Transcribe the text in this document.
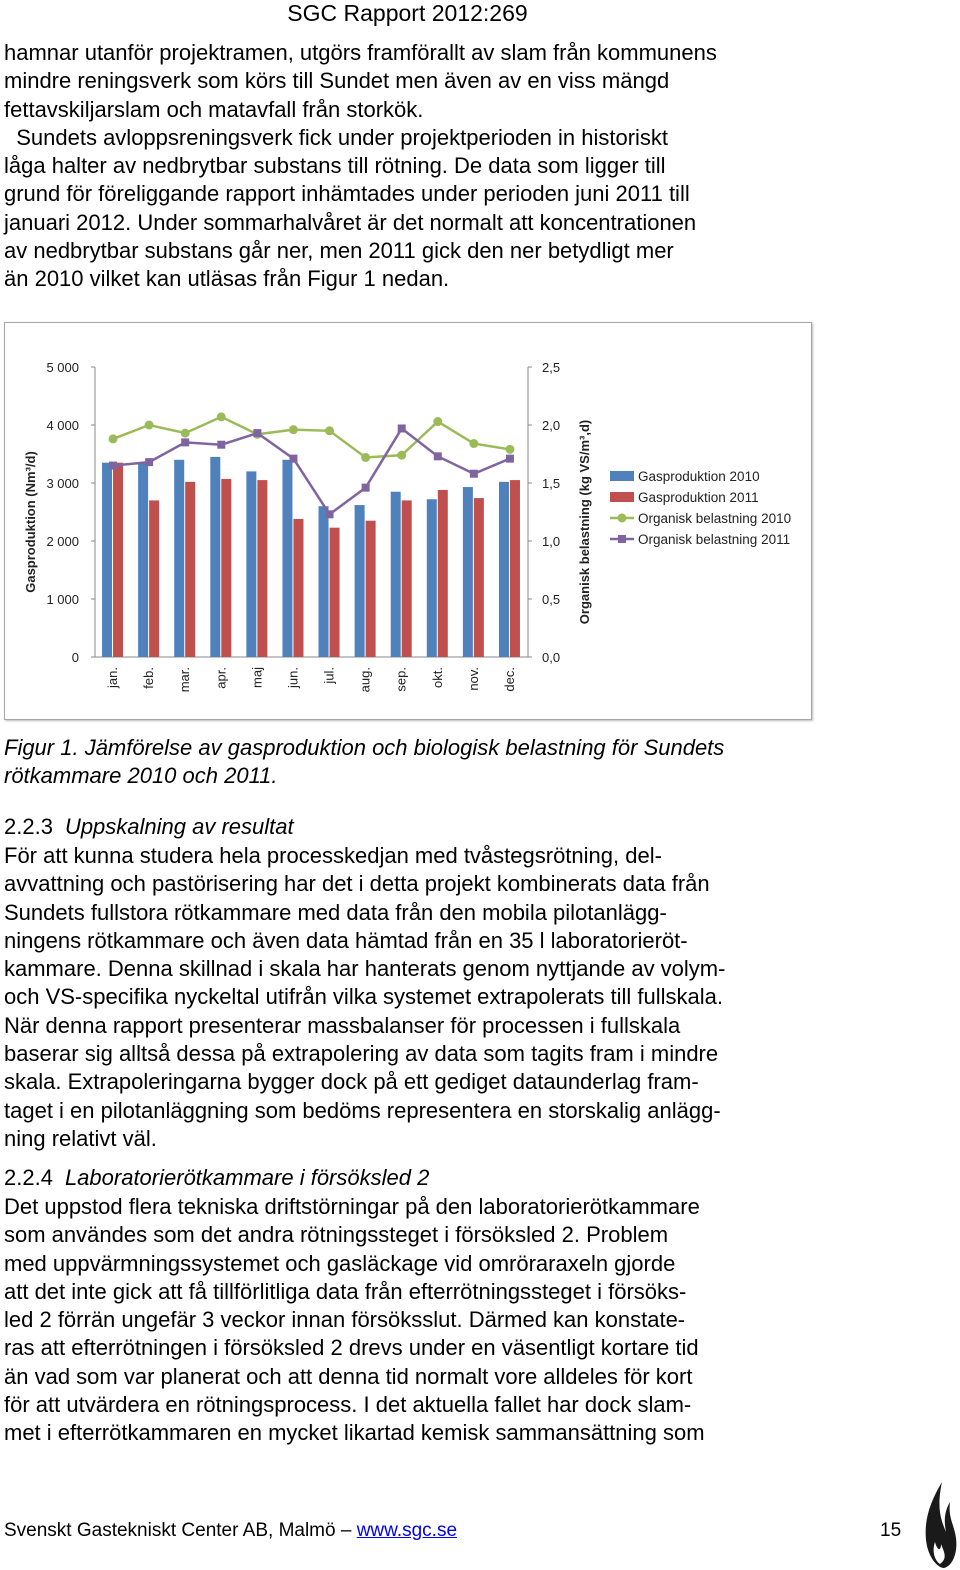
SGC Rapport 2012:269
hamnar utanför projektramen, utgörs framförallt av slam från kommunens
mindre reningsverk som körs till Sundet men även av en viss mängd
fettavskiljarslam och matavfall från storkök.
Sundets avloppsreningsverk fick under projektperioden in historiskt
låga halter av nedbrytbar substans till rötning. De data som ligger till
grund för föreliggande rapport inhämtades under perioden juni 2011 till
januari 2012. Under sommarhalvåret är det normalt att koncentrationen
av nedbrytbar substans går ner, men 2011 gick den ner betydligt mer
än 2010 vilket kan utläsas från Figur 1 nedan.
0
1 000
2 000
3 000
4 000
5 000
0,0
0,5
1,0
1,5
2,0
2,5
Gasproduktion (Nm³/d)	Organisk belastning (kg VS/m³,d)
jan. feb. mar. apr. maj jun. jul. aug. sep. okt. nov. dec.
Gasproduktion 2010
Gasproduktion 2011
Organisk belastning 2010
Organisk belastning 2011
Figur 1. Jämförelse av gasproduktion och biologisk belastning för Sundets
rötkammare 2010 och 2011.
2.2.3 Uppskalning av resultat
För att kunna studera hela processkedjan med tvåstegsrötning, del-
avvattning och pastörisering har det i detta projekt kombinerats data från
Sundets fullstora rötkammare med data från den mobila pilotanlägg-
ningens rötkammare och även data hämtad från en 35 l laboratorieröt-
kammare. Denna skillnad i skala har hanterats genom nyttjande av volym-
och VS-specifika nyckeltal utifrån vilka systemet extrapolerats till fullskala.
När denna rapport presenterar massbalanser för processen i fullskala
baserar sig alltså dessa på extrapolering av data som tagits fram i mindre
skala. Extrapoleringarna bygger dock på ett gediget dataunderlag fram-
taget i en pilotanläggning som bedöms representera en storskalig anlägg-
ning relativt väl.
2.2.4 Laboratorierötkammare i försöksled 2
Det uppstod flera tekniska driftstörningar på den laboratorierötkammare
som användes som det andra rötningssteget i försöksled 2. Problem
med uppvärmningssystemet och gasläckage vid omröraraxeln gjorde
att det inte gick att få tillförlitliga data från efterrötningssteget i försöks-
led 2 förrän ungefär 3 veckor innan försöksslut. Därmed kan konstate-
ras att efterrötningen i försöksled 2 drevs under en väsentligt kortare tid
än vad som var planerat och att denna tid normalt vore alldeles för kort
för att utvärdera en rötningsprocess. I det aktuella fallet har dock slam-
met i efterrötkammaren en mycket likartad kemisk sammansättning som
Svenskt Gastekniskt Center AB, Malmö – www.sgc.se	15
